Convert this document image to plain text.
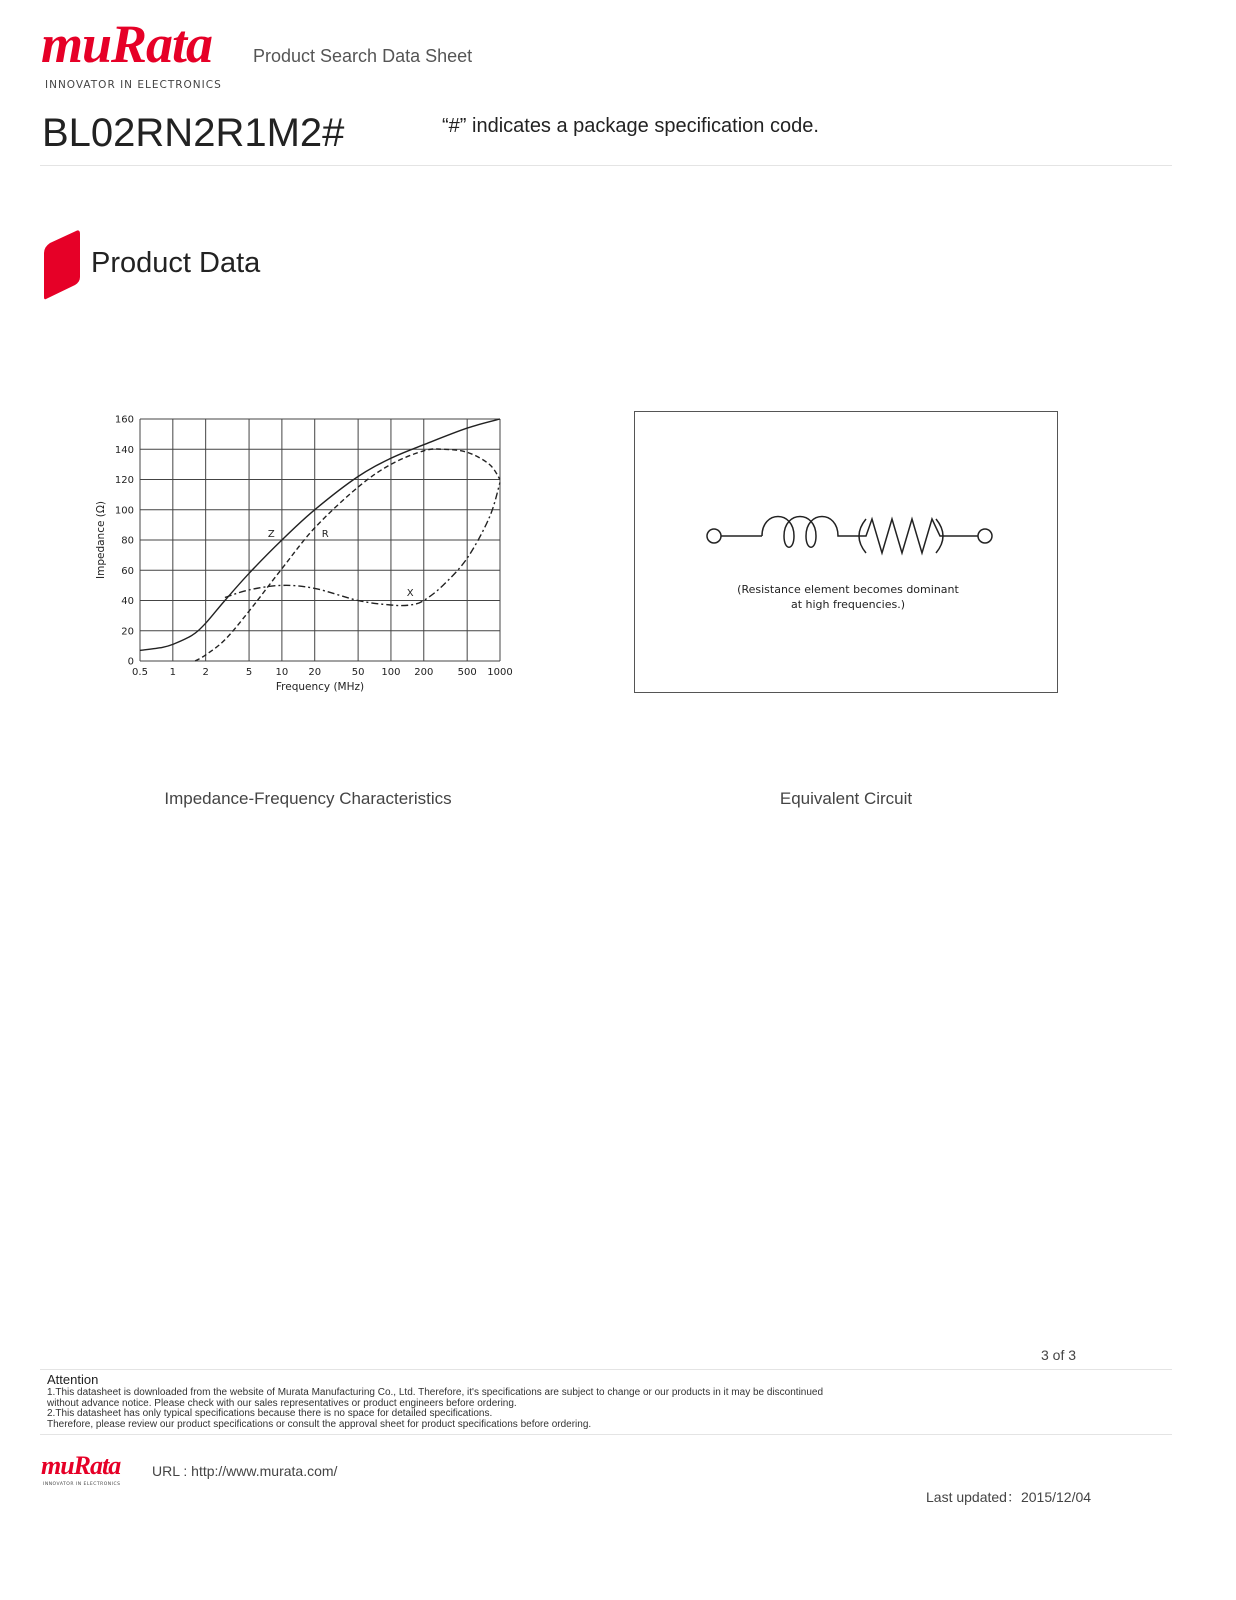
muRata
INNOVATOR IN ELECTRONICS
Product Search Data Sheet
BL02RN2R1M2#	“#” indicates a package specification code.
Product Data
0.5 1	2	5 10 20	50 100 200 500 1000
0
20
40
60
80
100
120
140
160
Frequency (MHz)
Impedance (Ω)	Z	R
X
Impedance-Frequency Characteristics
(Resistance element becomes dominant
at high frequencies.)
Equivalent Circuit
3 of 3
Attention
1.This datasheet is downloaded from the website of Murata Manufacturing Co., Ltd. Therefore, it's specifications are subject to change or our products in it may be discontinued
without advance notice. Please check with our sales representatives or product engineers before ordering.
2.This datasheet has only typical specifications because there is no space for detailed specifications.
Therefore, please review our product specifications or consult the approval sheet for product specifications before ordering.
muRata
INNOVATOR IN ELECTRONICS
URL : http://www.murata.com/
Last updated：2015/12/04
